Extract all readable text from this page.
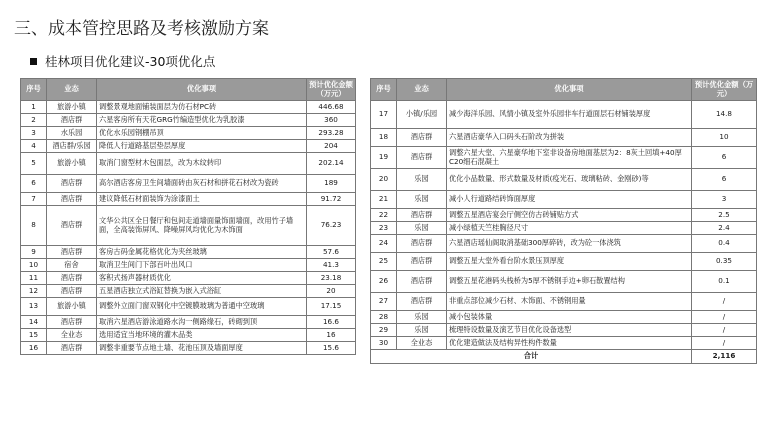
三、成本管控思路及考核激励方案
桂林项目优化建议-30项优化点
序号	业态	优化事项	预计优化金额（万元）
1	旅游小镇	调整景观地面铺装面层为仿石材PC砖	446.68
2	酒店群	六星客房所有天花GRG竹编造型优化为乳胶漆	360
3	水乐园	优化水乐园钢棚吊顶	293.28
4	酒店群/乐园	降低人行道路基层垫层厚度	204
5	旅游小镇	取消门窗型材木包面层，改为木纹转印	202.14
6	酒店群	高尔酒店客房卫生间墙面砖由灰石材和拼花石材改为瓷砖	189
7	酒店群	建议降低石材面装饰为涂漆面土	91.72
8	酒店群	文华公共区全日餐厅和包间走道墙面量饰面墙面，改用竹子墙面，全高装饰屏风、降噪屏风均优化为木饰面	76.23
9	酒店群	客房古码金属花格优化为夹丝玻璃	57.6
10	宿舍	取消卫生间门下部百叶出风口	41.3
11	酒店群	客积式扬声器材质优化	23.18
12	酒店群	五星酒店独立式浴缸替换为嵌入式浴缸	20
13	旅游小镇	调整外立面门窗双钢化中空镀膜玻璃为普通中空玻璃	17.15
14	酒店群	取消六星酒店游泳道路水沟一侧路缘石，砖砌到顶	16.6
15	全业态	选用适宜当地环境的灌木品类	16
16	酒店群	调整非重要节点地土墙、花池压顶及墙面厚度	15.6
序号	业态	优化事项	预计优化金额（万元）
17	小镇/乐园	减少海洋乐园、风情小镇及室外乐园非车行道面层石材铺装厚度	14.8
18	酒店群	六星酒店豪华入口码头石阶改为拼装	10
19	酒店群	调整六星大堂、六星豪华地下室非设备房地面基层为2：8灰土回填+40厚C20细石混凝土	6
20	乐园	优化小品数量、形式数量及材质(疫光石、玻璃粘砖、金刚砂)等	6
21	乐园	减小人行道路结砖饰面厚度	3
22	酒店群	调整五星酒店宴会厅侧空仿古砖铺贴方式	2.5
23	乐园	减小绿植天竺桂胸径尺寸	2.4
24	酒店群	六星酒店瑶仙阁取消基础300厚碎砖，改为砼一体浇筑	0.4
25	酒店群	调整五星大堂外看台阶水景压顶厚度	0.35
26	酒店群	调整五星花港码头栈桥为5厚不锈钢手边+卵石散置结构	0.1
27	酒店群	非重点部位减少石材、木饰面、不锈钢用量	/
28	乐园	减小包装体量	/
29	乐园	梳理特设数量及演艺节目优化设备选型	/
30	全业态	优化建造做法及结构异性构件数量	/
合计			2,116
